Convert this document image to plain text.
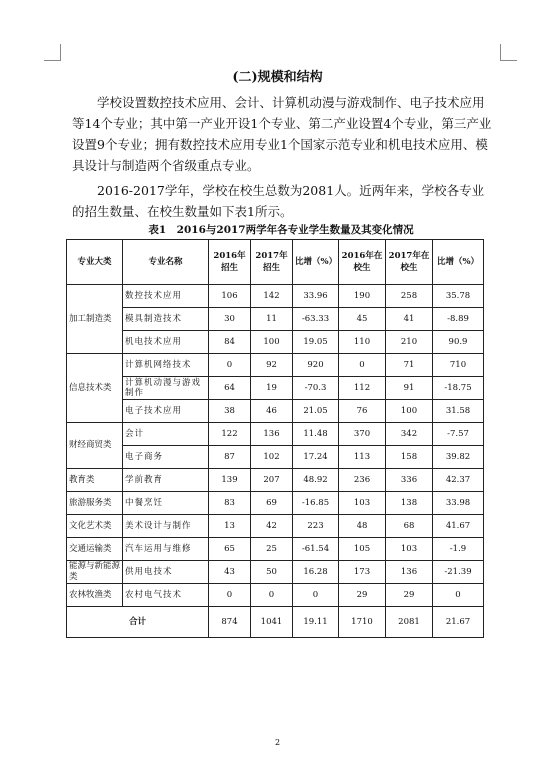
(二)规模和结构

学校设置数控技术应用、会计、计算机动漫与游戏制作、电子技术应用等14个专业；其中第一产业开设1个专业、第二产业设置4个专业，第三产业设置9个专业；拥有数控技术应用专业1个国家示范专业和机电技术应用、模具设计与制造两个省级重点专业。

2016-2017学年，学校在校生总数为2081人。近两年来，学校各专业的招生数量、在校生数量如下表1所示。

表1　2016与2017两学年各专业学生数量及其变化情况
专业大类	专业名称	2016年招生	2017年招生	比增（%）	2016年在校生	2017年在校生	比增（%）
加工制造类	数控技术应用	106	142	33.96	190	258	35.78
	模具制造技术	30	11	-63.33	45	41	-8.89
	机电技术应用	84	100	19.05	110	210	90.9
信息技术类	计算机网络技术	0	92	920	0	71	710
	计算机动漫与游戏制作	64	19	-70.3	112	91	-18.75
	电子技术应用	38	46	21.05	76	100	31.58
财经商贸类	会计	122	136	11.48	370	342	-7.57
	电子商务	87	102	17.24	113	158	39.82
教育类	学前教育	139	207	48.92	236	336	42.37
旅游服务类	中餐烹饪	83	69	-16.85	103	138	33.98
文化艺术类	美术设计与制作	13	42	223	48	68	41.67
交通运输类	汽车运用与维修	65	25	-61.54	105	103	-1.9
能源与新能源类	供用电技术	43	50	16.28	173	136	-21.39
农林牧渔类	农村电气技术	0	0	0	29	29	0
合计		874	1041	19.11	1710	2081	21.67
2
